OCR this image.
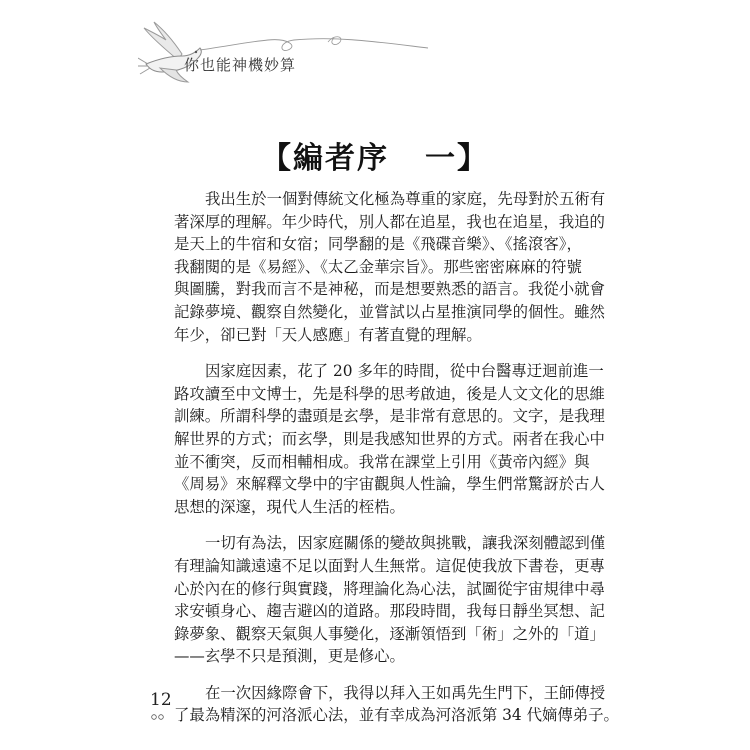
你也能神機妙算
【編者序 一】

我出生於一個對傳統文化極為尊重的家庭，先母對於五術有
著深厚的理解。年少時代，別人都在追星，我也在追星，我追的
是天上的牛宿和女宿；同學翻的是《飛碟音樂》、《搖滾客》，
我翻閱的是《易經》、《太乙金華宗旨》。那些密密麻麻的符號
與圖騰，對我而言不是神秘，而是想要熟悉的語言。我從小就會
記錄夢境、觀察自然變化，並嘗試以占星推演同學的個性。雖然
年少，卻已對「天人感應」有著直覺的理解。

因家庭因素，花了 20 多年的時間，從中台醫專迂迴前進一
路攻讀至中文博士，先是科學的思考啟迪，後是人文文化的思維
訓練。所謂科學的盡頭是玄學，是非常有意思的。文字，是我理
解世界的方式；而玄學，則是我感知世界的方式。兩者在我心中
並不衝突，反而相輔相成。我常在課堂上引用《黃帝內經》與
《周易》來解釋文學中的宇宙觀與人性論，學生們常驚訝於古人
思想的深邃，現代人生活的桎梏。

一切有為法，因家庭關係的變故與挑戰，讓我深刻體認到僅
有理論知識遠遠不足以面對人生無常。這促使我放下書卷，更專
心於內在的修行與實踐，將理論化為心法，試圖從宇宙規律中尋
求安頓身心、趨吉避凶的道路。那段時間，我每日靜坐冥想、記
錄夢象、觀察天氣與人事變化，逐漸領悟到「術」之外的「道」
——玄學不只是預測，更是修心。

在一次因緣際會下，我得以拜入王如禹先生門下，王師傳授
了最為精深的河洛派心法，並有幸成為河洛派第 34 代嫡傳弟子。

12
